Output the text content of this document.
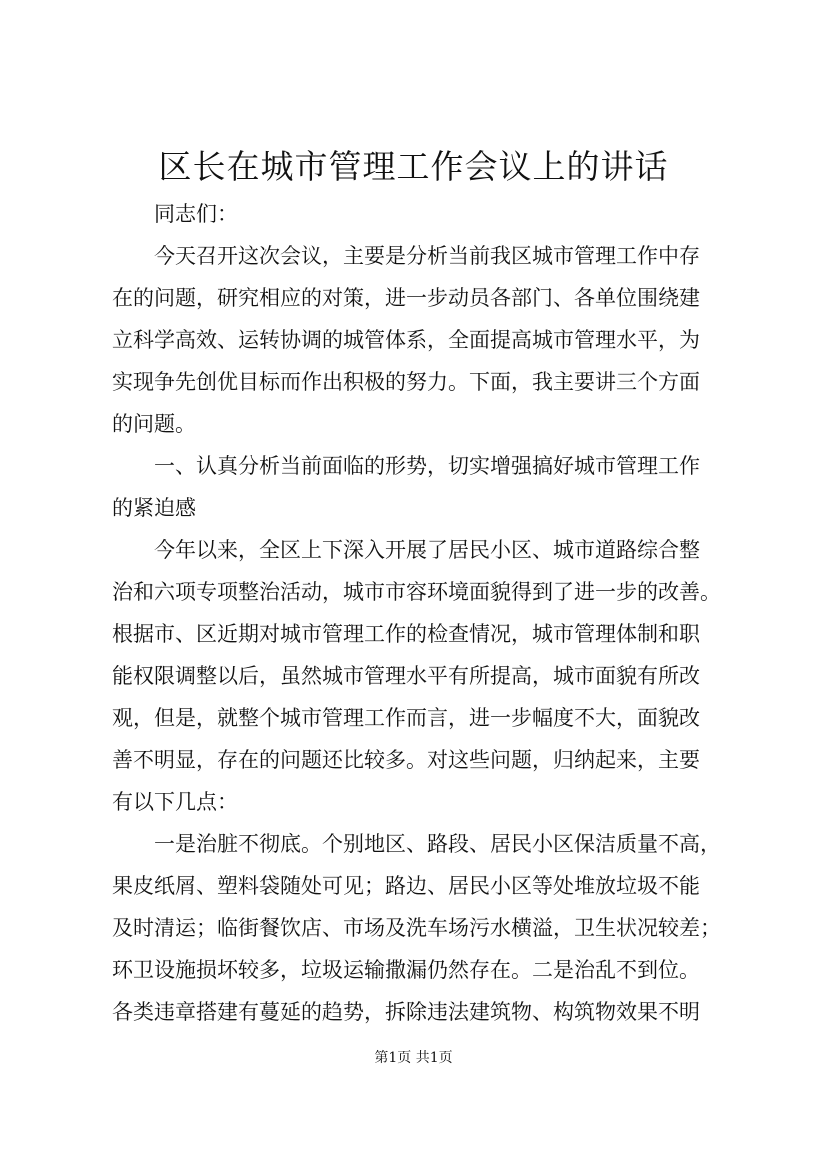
区长在城市管理工作会议上的讲话
同志们：
今天召开这次会议，主要是分析当前我区城市管理工作中存
在的问题，研究相应的对策，进一步动员各部门、各单位围绕建
立科学高效、运转协调的城管体系，全面提高城市管理水平，为
实现争先创优目标而作出积极的努力。下面，我主要讲三个方面
的问题。
一、认真分析当前面临的形势，切实增强搞好城市管理工作
的紧迫感
今年以来，全区上下深入开展了居民小区、城市道路综合整
治和六项专项整治活动，城市市容环境面貌得到了进一步的改善。
根据市、区近期对城市管理工作的检查情况，城市管理体制和职
能权限调整以后，虽然城市管理水平有所提高，城市面貌有所改
观，但是，就整个城市管理工作而言，进一步幅度不大，面貌改
善不明显，存在的问题还比较多。对这些问题，归纳起来，主要
有以下几点：
一是治脏不彻底。个别地区、路段、居民小区保洁质量不高，
果皮纸屑、塑料袋随处可见；路边、居民小区等处堆放垃圾不能
及时清运；临街餐饮店、市场及洗车场污水横溢，卫生状况较差；
环卫设施损坏较多，垃圾运输撒漏仍然存在。二是治乱不到位。
各类违章搭建有蔓延的趋势，拆除违法建筑物、构筑物效果不明
第1页 共1页
